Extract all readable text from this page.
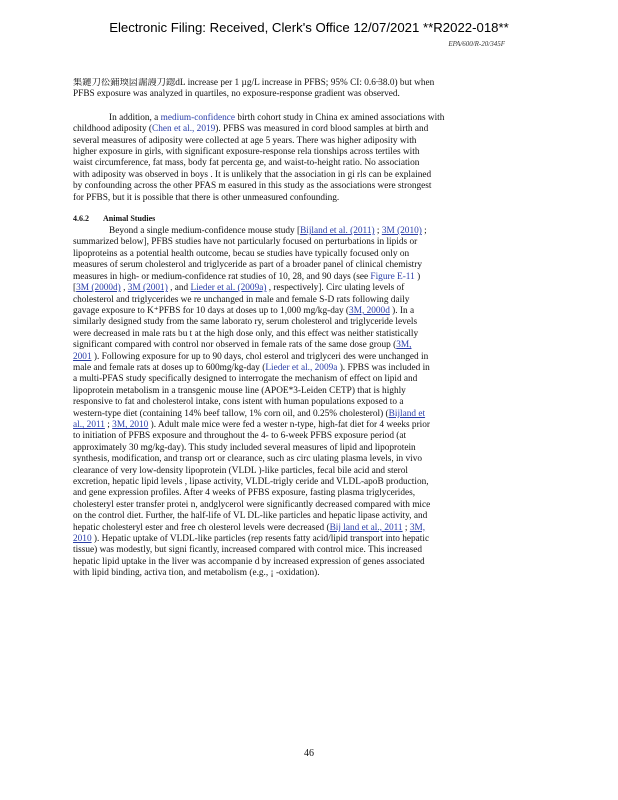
Electronic Filing: Received, Clerk's Office 12/07/2021 **R2022-018**
EPA/600/R-20/345F

集鏈刀彸鋪瑌囩誳謾刀鍃dL increase per 1 µg/L increase in PFBS; 95% CI: 0.6 ̶38.0) but when
PFBS exposure was analyzed in quartiles, no exposure-response gradient was observed.

In addition, a medium-confidence birth cohort study in China ex amined associations with
childhood adiposity (Chen et al., 2019). PFBS was measured in cord blood samples at birth and
several measures of adiposity were collected at age 5 years. There was higher adiposity with
higher exposure in girls, with significant exposure-response rela tionships across tertiles with
waist circumference, fat mass, body fat percenta ge, and waist-to-height ratio. No association
with adiposity was observed in boys . It is unlikely that the association in gi rls can be explained
by confounding across the other PFAS m easured in this study as the associations were strongest
for PFBS, but it is possible that there is other unmeasured confounding.

4.6.2 Animal Studies

Beyond a single medium-confidence mouse study [Bijland et al. (2011) ; 3M (2010) ;
summarized below], PFBS studies have not particularly focused on perturbations in lipids or
lipoproteins as a potential health outcome, becau se studies have typically focused only on
measures of serum cholesterol and triglyceride as part of a broader panel of clinical chemistry
measures in high- or medium-confidence rat studies of 10, 28, and 90 days (see Figure E-11 )
[3M (2000d) , 3M (2001) , and Lieder et al. (2009a) , respectively]. Circ ulating levels of
cholesterol and triglycerides we re unchanged in male and female S-D rats following daily
gavage exposure to K⁺PFBS for 10 days at doses up to 1,000 mg/kg-day (3M, 2000d ). In a
similarly designed study from the same laborato ry, serum cholesterol and triglyceride levels
were decreased in male rats bu t at the high dose only, and this effect was neither statistically
significant compared with control nor observed in female rats of the same dose group (3M,
2001 ). Following exposure for up to 90 days, chol esterol and triglyceri des were unchanged in
male and female rats at doses up to 600mg/kg-day (Lieder et al., 2009a ). FPBS was included in
a multi-PFAS study specifically designed to interrogate the mechanism of effect on lipid and
lipoprotein metabolism in a transgenic mouse line (APOE*3-Leiden CETP) that is highly
responsive to fat and cholesterol intake, cons istent with human populations exposed to a
western-type diet (containing 14% beef tallow, 1% corn oil, and 0.25% cholesterol) (Bijland et
al., 2011 ; 3M, 2010 ). Adult male mice were fed a wester n-type, high-fat diet for 4 weeks prior
to initiation of PFBS exposure and throughout the 4- to 6-week PFBS exposure period (at
approximately 30 mg/kg-day). This study included several measures of lipid and lipoprotein
synthesis, modification, and transp ort or clearance, such as circ ulating plasma levels, in vivo
clearance of very low-density lipoprotein (VLDL )-like particles, fecal bile acid and sterol
excretion, hepatic lipid levels , lipase activity, VLDL-trigly ceride and VLDL-apoB production,
and gene expression profiles. After 4 weeks of PFBS exposure, fasting plasma triglycerides,
cholesteryl ester transfer protei n, andglycerol were significantly decreased compared with mice
on the control diet. Further, the half-life of VL DL-like particles and hepatic lipase activity, and
hepatic cholesteryl ester and free ch olesterol levels were decreased (Bij land et al., 2011 ; 3M,
2010 ). Hepatic uptake of VLDL-like particles (rep resents fatty acid/lipid transport into hepatic
tissue) was modestly, but signi ficantly, increased compared with control mice. This increased
hepatic lipid uptake in the liver was accompanie d by increased expression of genes associated
with lipid binding, activa tion, and metabolism (e.g., ¡ -oxidation).

46
